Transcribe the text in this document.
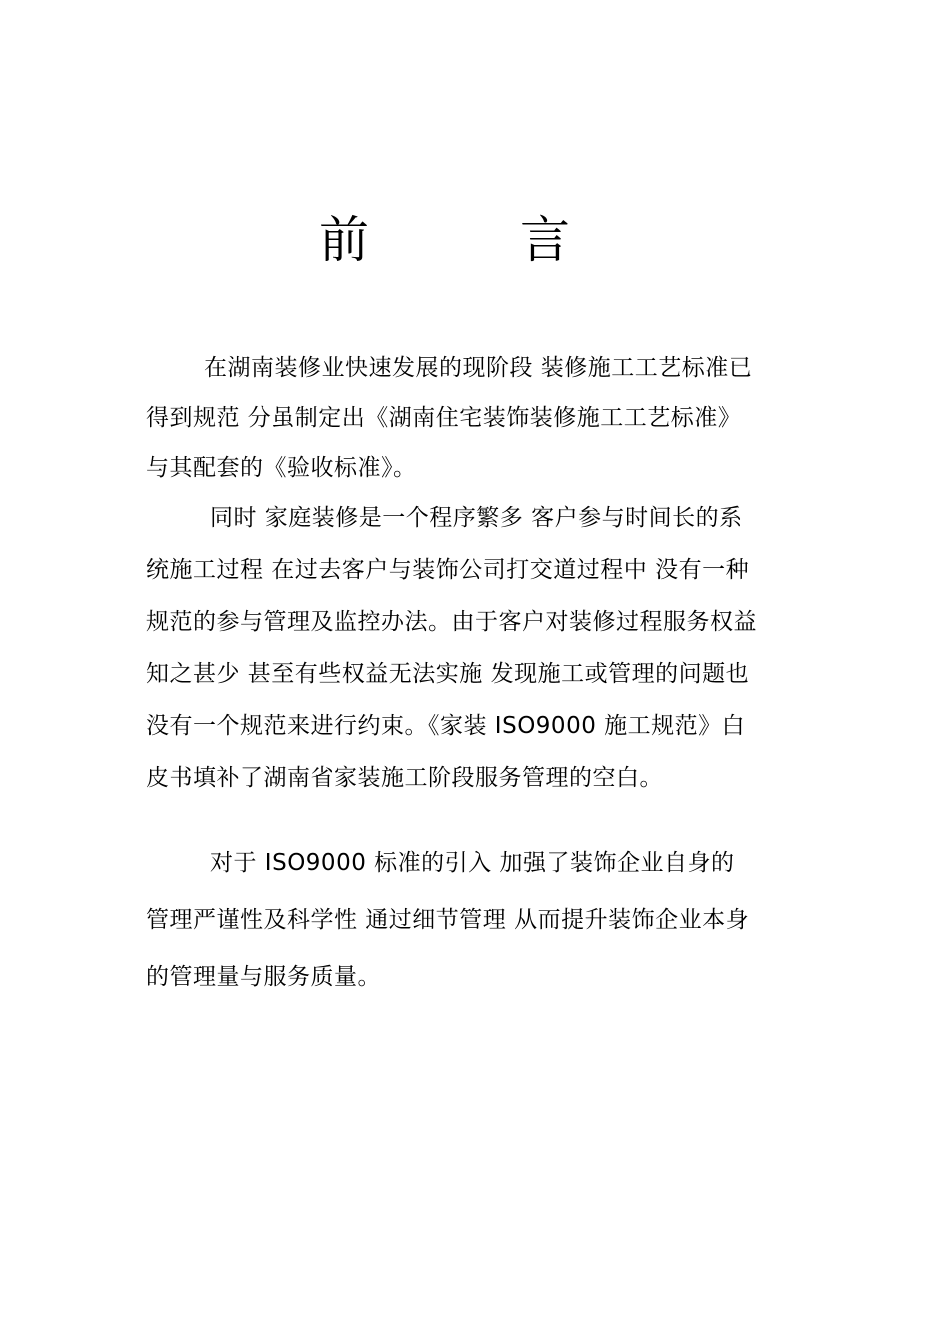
前	言
在湖南装修业快速发展的现阶段 装修施工工艺标准已
得到规范 分虽制定出《湖南住宅装饰装修施工工艺标准》
与其配套的《验收标准》。
同时 家庭装修是一个程序繁多 客户参与时间长的系
统施工过程 在过去客户与装饰公司打交道过程中 没有一种
规范的参与管理及监控办法。由于客户对装修过程服务权益
知之甚少 甚至有些权益无法实施 发现施工或管理的问题也
没有一个规范来进行约束。《家装 ISO9000 施工规范》白
皮书填补了湖南省家装施工阶段服务管理的空白。
对于 ISO9000 标准的引入 加强了装饰企业自身的
管理严谨性及科学性 通过细节管理 从而提升装饰企业本身
的管理量与服务质量。
